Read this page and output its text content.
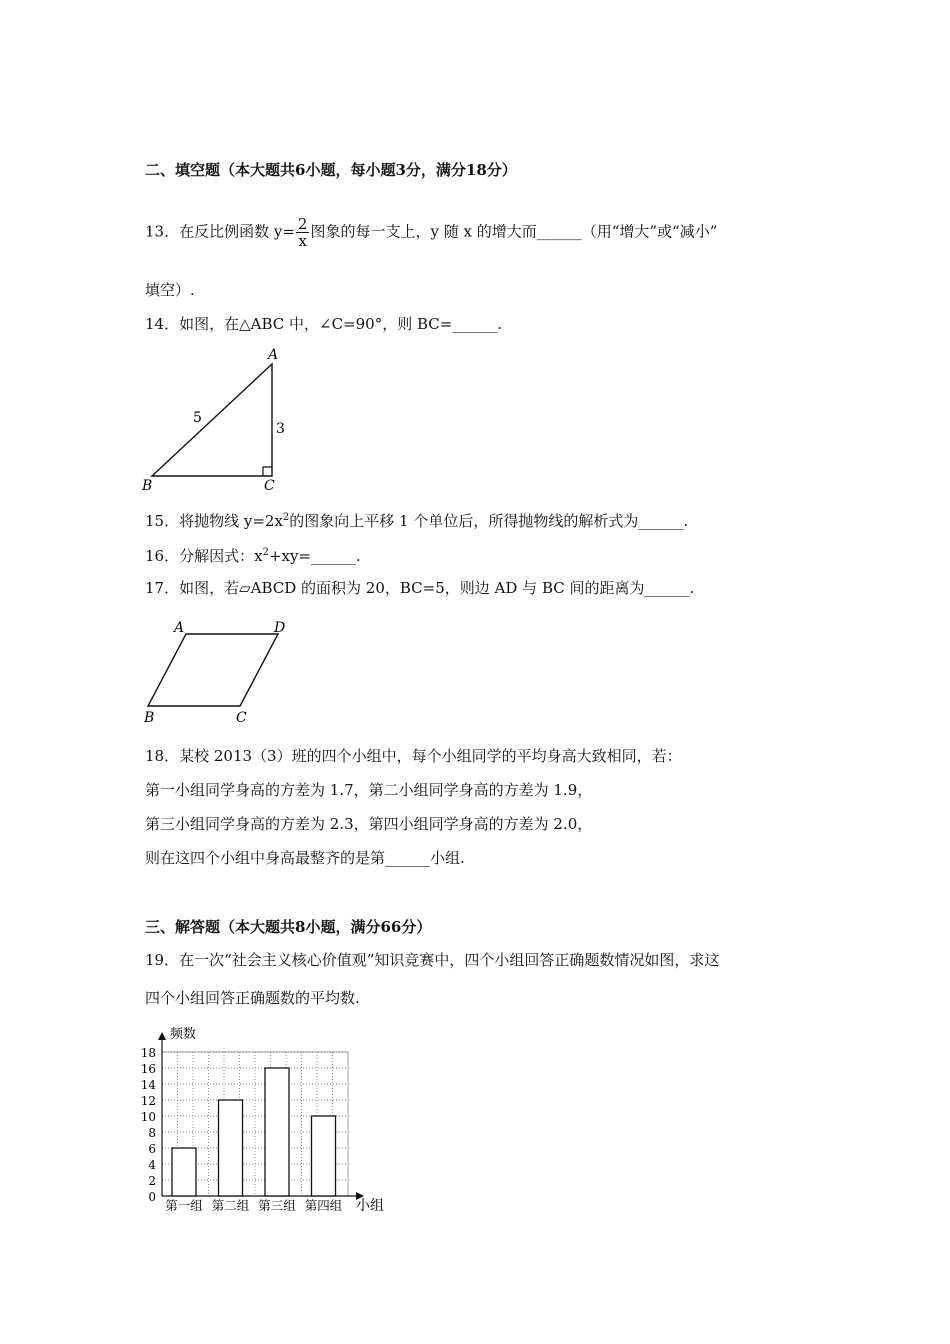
二、填空题（本大题共6小题，每小题3分，满分18分）
13．在反比例函数 $y= \frac{2}{x}$ 图象的每一支上，y 随 x 的增大而______（用“增大”或“减小”
填空）.
14．如图，在△ABC 中，∠C=90°，则 BC=______.
A
B	C
5
3
15．将抛物线 $y=2x^2$的图象向上平移 1 个单位后，所得抛物线的解析式为______.
16．分解因式：$x^2+xy=\_\_\_\_\_\_$.
17．如图，若▱ABCD 的面积为 20，BC=5，则边 AD 与 BC 间的距离为______.
A	D
B	C
18．某校 2013（3）班的四个小组中，每个小组同学的平均身高大致相同，若：
第一小组同学身高的方差为 1.7，第二小组同学身高的方差为 1.9，
第三小组同学身高的方差为 2.3，第四小组同学身高的方差为 2.0，
则在这四个小组中身高最整齐的是第______小组.
三、解答题（本大题共8小题，满分66分）
19．在一次“社会主义核心价值观”知识竞赛中，四个小组回答正确题数情况如图，求这
四个小组回答正确题数的平均数.
0
2
4
6
8
10
12
14
16
18
频数
小组
第一组 第二组 第三组 第四组
